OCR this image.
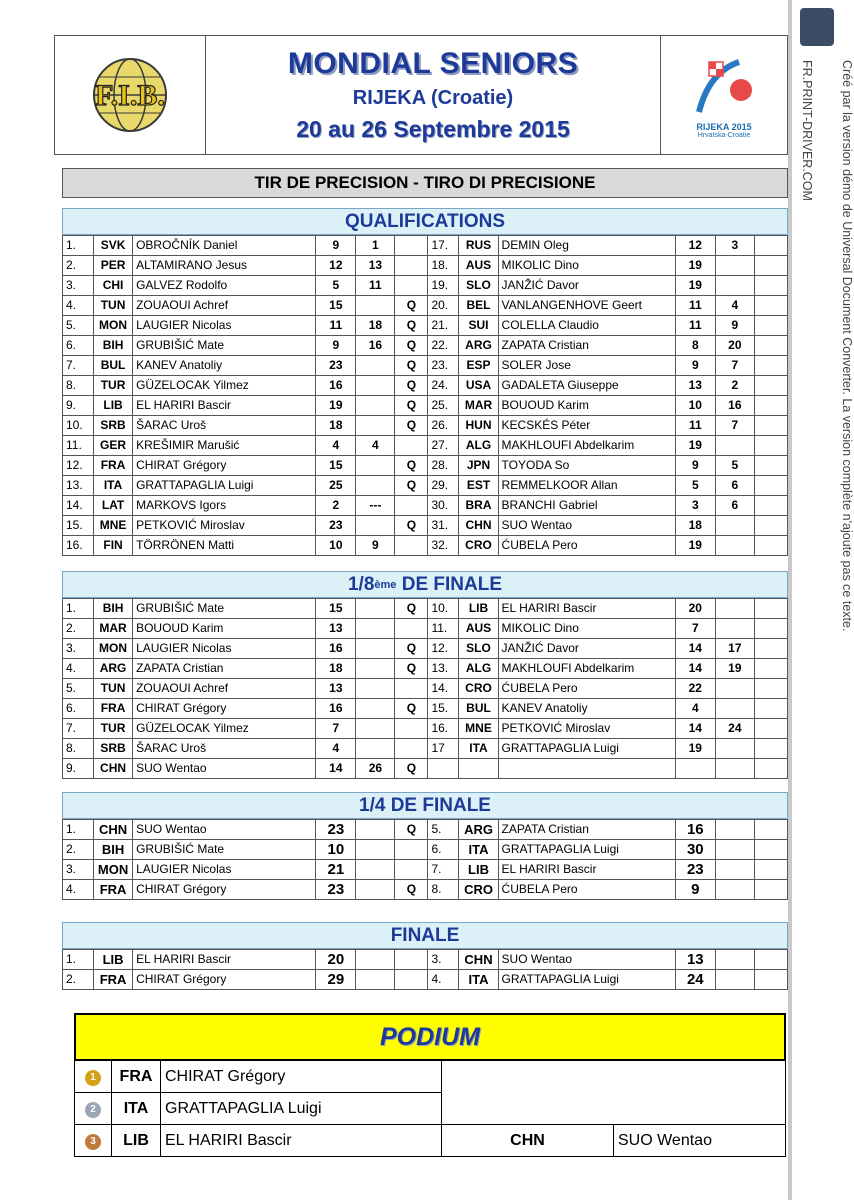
F.I.B.
MONDIAL SENIORS
RIJEKA (Croatie)
20 au 26 Septembre 2015	RIJEKA 2015
Hrvatska-Croatie
TIR DE PRECISION - TIRO DI PRECISIONE
QUALIFICATIONS
1.	SVK	OBROČNÍK Daniel	9	1		17.	RUS	DEMIN Oleg	12	3	
2.	PER	ALTAMIRANO Jesus	12	13		18.	AUS	MIKOLIC Dino	19		
3.	CHI	GALVEZ Rodolfo	5	11		19.	SLO	JANŽIĆ Davor	19		
4.	TUN	ZOUAOUI Achref	15		Q	20.	BEL	VANLANGENHOVE Geert	11	4	
5.	MON	LAUGIER Nicolas	11	18	Q	21.	SUI	COLELLA Claudio	11	9	
6.	BIH	GRUBIŠIĆ Mate	9	16	Q	22.	ARG	ZAPATA Cristian	8	20	
7.	BUL	KANEV Anatoliy	23		Q	23.	ESP	SOLER Jose	9	7	
8.	TUR	GÜZELOCAK Yilmez	16		Q	24.	USA	GADALETA Giuseppe	13	2	
9.	LIB	EL HARIRI Bascir	19		Q	25.	MAR	BOUOUD Karim	10	16	
10.	SRB	ŠARAC Uroš	18		Q	26.	HUN	KECSKÉS Péter	11	7	
11.	GER	KREŠIMIR Marušić	4	4		27.	ALG	MAKHLOUFI Abdelkarim	19		
12.	FRA	CHIRAT Grégory	15		Q	28.	JPN	TOYODA So	9	5	
13.	ITA	GRATTAPAGLIA Luigi	25		Q	29.	EST	REMMELKOOR Allan	5	6	
14.	LAT	MARKOVS Igors	2	---		30.	BRA	BRANCHI Gabriel	3	6	
15.	MNE	PETKOVIĆ Miroslav	23		Q	31.	CHN	SUO Wentao	18		
16.	FIN	TÖRRÖNEN Matti	10	9		32.	CRO	ĆUBELA Pero	19		
1/8 ème DE FINALE
1.	BIH	GRUBIŠIĆ Mate	15		Q	10.	LIB	EL HARIRI Bascir	20		
2.	MAR	BOUOUD Karim	13			11.	AUS	MIKOLIC Dino	7		
3.	MON	LAUGIER Nicolas	16		Q	12.	SLO	JANŽIĆ Davor	14	17	
4.	ARG	ZAPATA Cristian	18		Q	13.	ALG	MAKHLOUFI Abdelkarim	14	19	
5.	TUN	ZOUAOUI Achref	13			14.	CRO	ĆUBELA Pero	22		
6.	FRA	CHIRAT Grégory	16		Q	15.	BUL	KANEV Anatoliy	4		
7.	TUR	GÜZELOCAK Yilmez	7			16.	MNE	PETKOVIĆ Miroslav	14	24	
8.	SRB	ŠARAC Uroš	4			17	ITA	GRATTAPAGLIA Luigi	19		
9.	CHN	SUO Wentao	14	26	Q						
1/4 DE FINALE
1.	CHN	SUO Wentao	23		Q	5.	ARG	ZAPATA Cristian	16		
2.	BIH	GRUBIŠIĆ Mate	10			6.	ITA	GRATTAPAGLIA Luigi	30		
3.	MON	LAUGIER Nicolas	21			7.	LIB	EL HARIRI Bascir	23		
4.	FRA	CHIRAT Grégory	23		Q	8.	CRO	ĆUBELA Pero	9		
FINALE
1.	LIB	EL HARIRI Bascir	20			3.	CHN	SUO Wentao	13		
2.	FRA	CHIRAT Grégory	29			4.	ITA	GRATTAPAGLIA Luigi	24		
PODIUM
1	FRA	CHIRAT Grégory		
2	ITA	GRATTAPAGLIA Luigi		
3	LIB	EL HARIRI Bascir	CHN	SUO Wentao
Créé par la version démo de Universal Document Converter. La version complète n'ajoute pas ce texte.
FR.PRINT-DRIVER.COM
